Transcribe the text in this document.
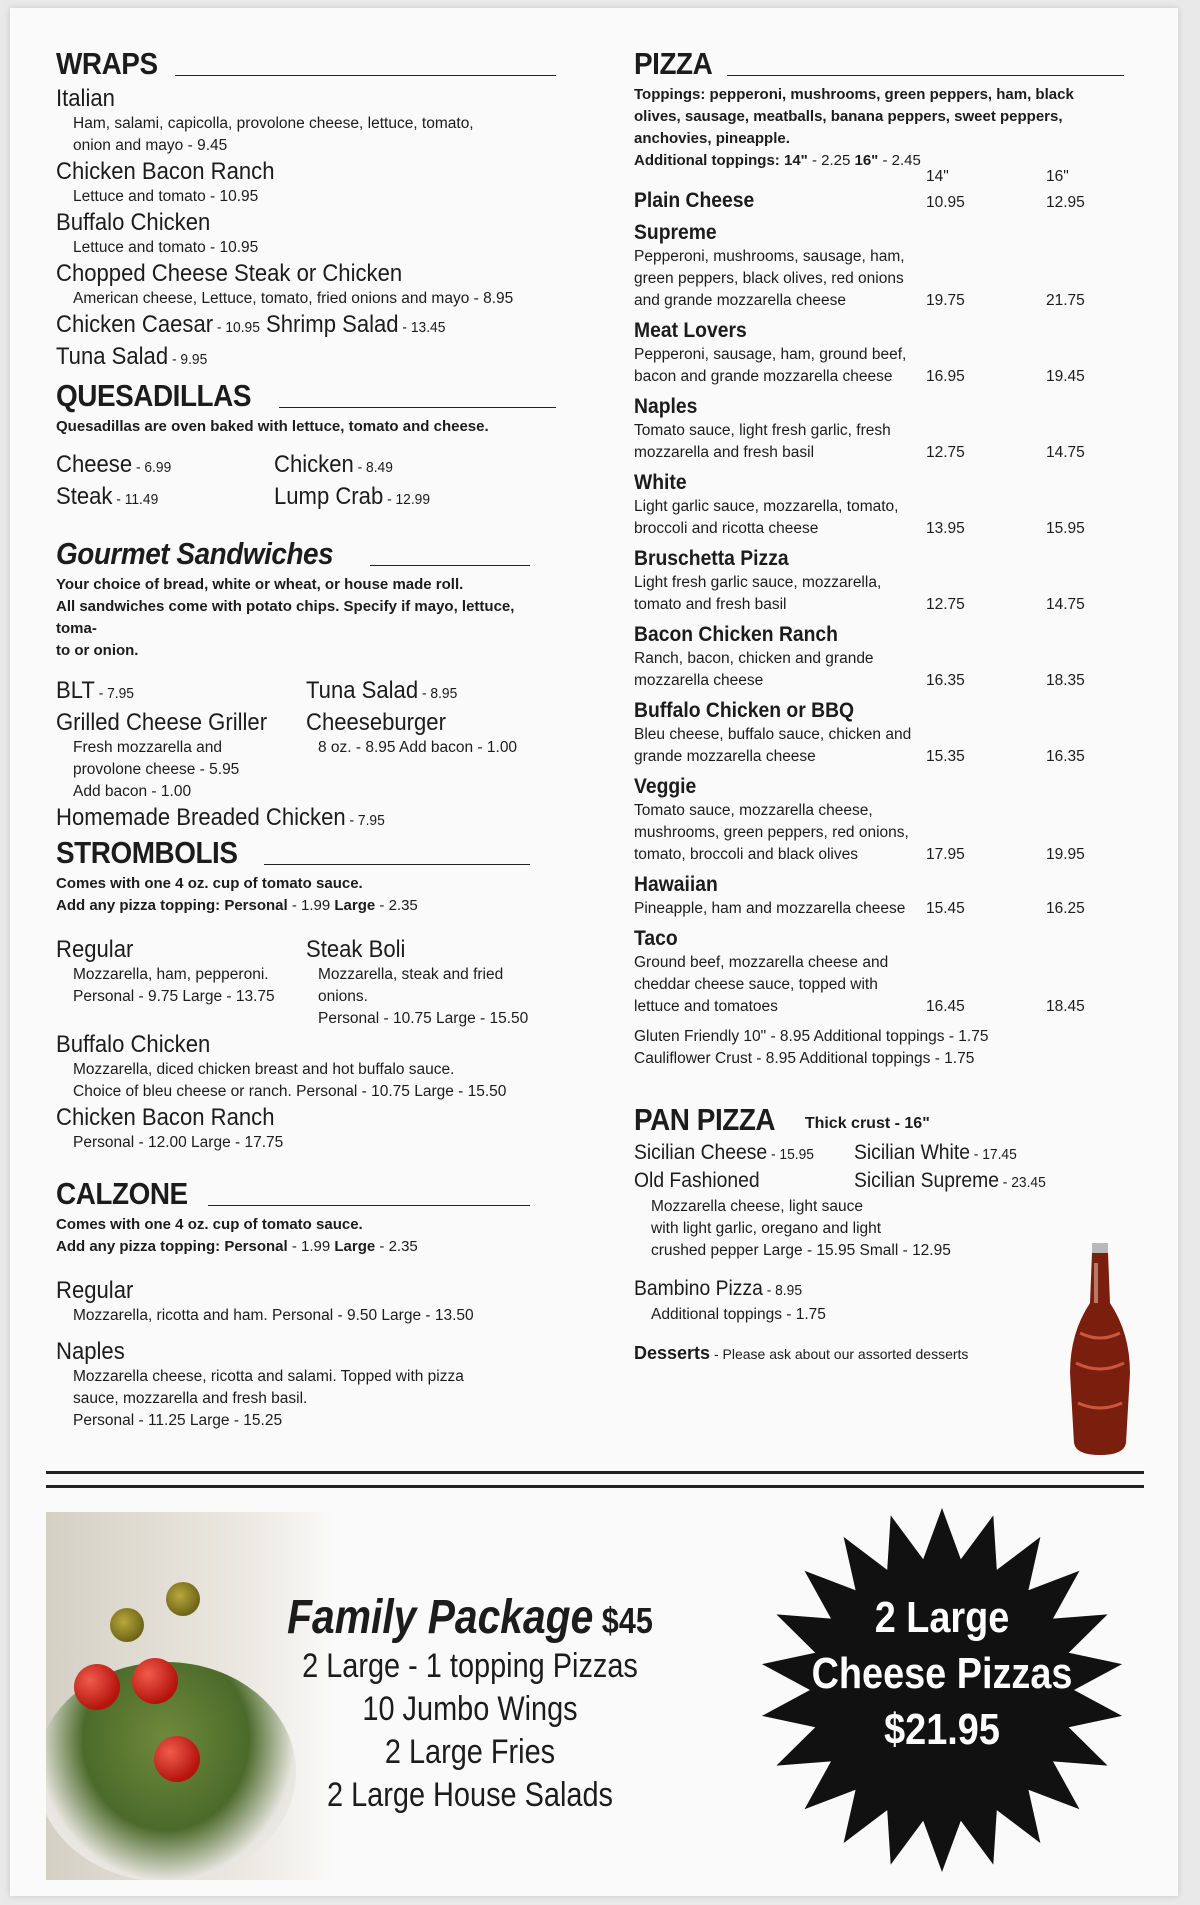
WRAPS
Italian
Ham, salami, capicolla, provolone cheese, lettuce, tomato,
onion and mayo - 9.45
Chicken Bacon Ranch
Lettuce and tomato - 10.95
Buffalo Chicken
Lettuce and tomato - 10.95
Chopped Cheese Steak or Chicken
American cheese, Lettuce, tomato, fried onions and mayo - 8.95
Chicken Caesar - 10.95 Shrimp Salad - 13.45
Tuna Salad - 9.95
QUESADILLAS
Quesadillas are oven baked with lettuce, tomato and cheese.
Cheese - 6.99	Chicken - 8.49
Steak - 11.49	Lump Crab - 12.99
Gourmet Sandwiches
Your choice of bread, white or wheat, or house made roll.
All sandwiches come with potato chips. Specify if mayo, lettuce, toma-
to or onion.
BLT - 7.95	Tuna Salad - 8.95
Grilled Cheese Griller
Fresh mozzarella and
provolone cheese - 5.95
Add bacon - 1.00
Cheeseburger
8 oz. - 8.95 Add bacon - 1.00
Homemade Breaded Chicken - 7.95
STROMBOLIS
Comes with one 4 oz. cup of tomato sauce.
Add any pizza topping: Personal - 1.99 Large - 2.35
Regular
Mozzarella, ham, pepperoni.
Personal - 9.75 Large - 13.75
Steak Boli
Mozzarella, steak and fried onions.
Personal - 10.75 Large - 15.50
Buffalo Chicken
Mozzarella, diced chicken breast and hot buffalo sauce.
Choice of bleu cheese or ranch. Personal - 10.75 Large - 15.50
Chicken Bacon Ranch
Personal - 12.00 Large - 17.75
CALZONE
Comes with one 4 oz. cup of tomato sauce.
Add any pizza topping: Personal - 1.99 Large - 2.35
Regular
Mozzarella, ricotta and ham. Personal - 9.50 Large - 13.50
Naples
Mozzarella cheese, ricotta and salami. Topped with pizza
sauce, mozzarella and fresh basil.
Personal - 11.25 Large - 15.25
PIZZA
Toppings: pepperoni, mushrooms, green peppers, ham, black
olives, sausage, meatballs, banana peppers, sweet peppers,
anchovies, pineapple.
Additional toppings: 14" - 2.25 16" - 2.45
14"	16"
Plain Cheese	10.95	12.95
Supreme
Pepperoni, mushrooms, sausage, ham,
green peppers, black olives, red onions
and grande mozzarella cheese	19.75	21.75
Meat Lovers
Pepperoni, sausage, ham, ground beef,
bacon and grande mozzarella cheese	16.95	19.45
Naples
Tomato sauce, light fresh garlic, fresh
mozzarella and fresh basil	12.75	14.75
White
Light garlic sauce, mozzarella, tomato,
broccoli and ricotta cheese	13.95	15.95
Bruschetta Pizza
Light fresh garlic sauce, mozzarella,
tomato and fresh basil	12.75	14.75
Bacon Chicken Ranch
Ranch, bacon, chicken and grande
mozzarella cheese	16.35	18.35
Buffalo Chicken or BBQ
Bleu cheese, buffalo sauce, chicken and
grande mozzarella cheese	15.35	16.35
Veggie
Tomato sauce, mozzarella cheese,
mushrooms, green peppers, red onions,
tomato, broccoli and black olives	17.95	19.95
Hawaiian
Pineapple, ham and mozzarella cheese	15.45	16.25
Taco
Ground beef, mozzarella cheese and
cheddar cheese sauce, topped with
lettuce and tomatoes	16.45	18.45
Gluten Friendly 10" - 8.95 Additional toppings - 1.75
Cauliflower Crust - 8.95 Additional toppings - 1.75
PAN PIZZA Thick crust - 16"
Sicilian Cheese - 15.95	Sicilian White - 17.45
Old Fashioned	Sicilian Supreme - 23.45
Mozzarella cheese, light sauce
with light garlic, oregano and light
crushed pepper Large - 15.95 Small - 12.95
Bambino Pizza - 8.95
Additional toppings - 1.75
Desserts - Please ask about our assorted desserts
Family Package $45
2 Large - 1 topping Pizzas
10 Jumbo Wings
2 Large Fries
2 Large House Salads
2 Large
Cheese Pizzas
$21.95
